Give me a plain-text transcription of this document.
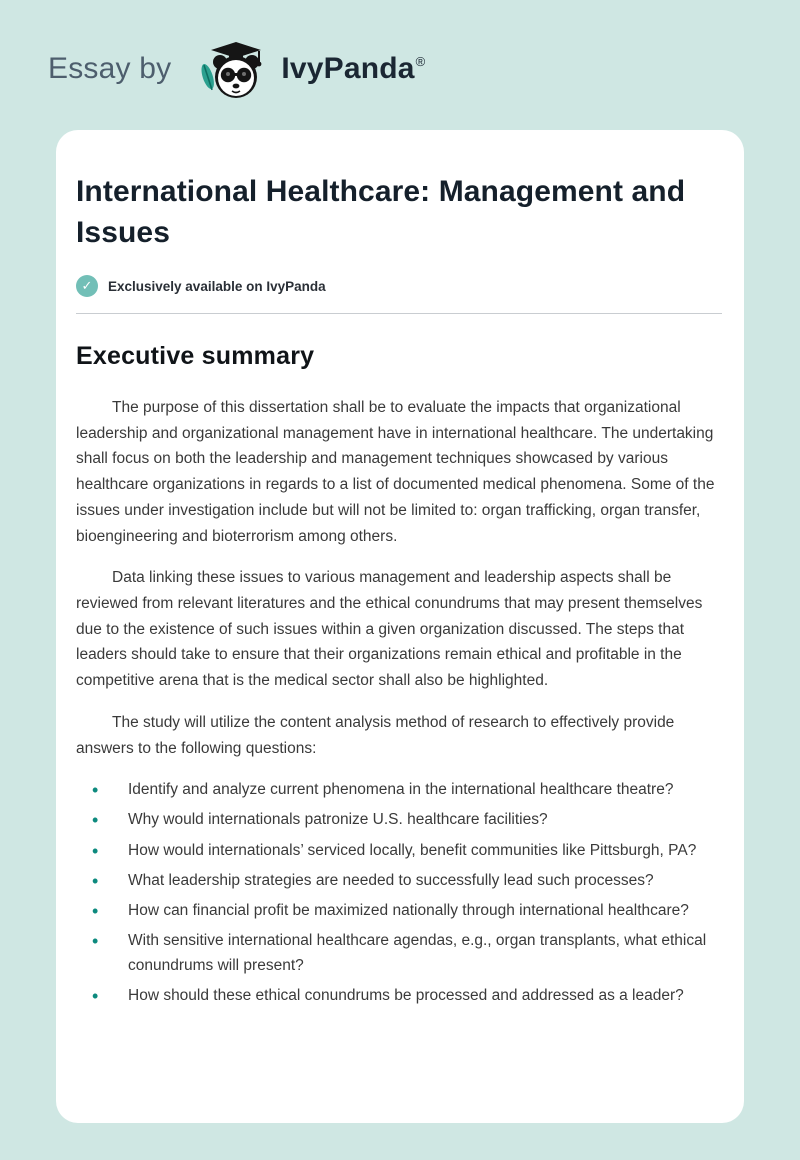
Essay by	IvyPanda ®
International Healthcare: Management and Issues
✓	Exclusively available on IvyPanda
Executive summary

The purpose of this dissertation shall be to evaluate the impacts that organizational leadership and organizational management have in international healthcare. The undertaking shall focus on both the leadership and management techniques showcased by various healthcare organizations in regards to a list of documented medical phenomena. Some of the issues under investigation include but will not be limited to: organ trafficking, organ transfer, bioengineering and bioterrorism among others.

Data linking these issues to various management and leadership aspects shall be reviewed from relevant literatures and the ethical conundrums that may present themselves due to the existence of such issues within a given organization discussed. The steps that leaders should take to ensure that their organizations remain ethical and profitable in the competitive arena that is the medical sector shall also be highlighted.

The study will utilize the content analysis method of research to effectively provide answers to the following questions:

• Identify and analyze current phenomena in the international healthcare theatre?
• Why would internationals patronize U.S. healthcare facilities?
• How would internationals’ serviced locally, benefit communities like Pittsburgh, PA?
• What leadership strategies are needed to successfully lead such processes?
• How can financial profit be maximized nationally through international healthcare?
• With sensitive international healthcare agendas, e.g., organ transplants, what ethical conundrums will present?
• How should these ethical conundrums be processed and addressed as a leader?
